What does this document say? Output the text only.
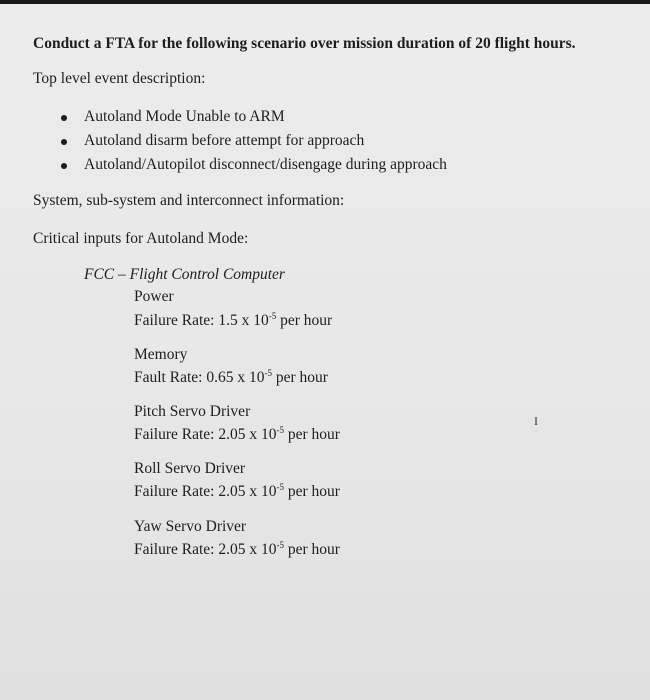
Conduct a FTA for the following scenario over mission duration of 20 flight hours.
Top level event description:
Autoland Mode Unable to ARM
Autoland disarm before attempt for approach
Autoland/Autopilot disconnect/disengage during approach
System, sub-system and interconnect information:
Critical inputs for Autoland Mode:
FCC – Flight Control Computer
Power
Failure Rate: 1.5 x $10^{-5}$ per hour
Memory
Fault Rate: 0.65 x $10^{-5}$ per hour
Pitch Servo Driver
Failure Rate: 2.05 x $10^{-5}$ per hour
Roll Servo Driver
Failure Rate: 2.05 x $10^{-5}$ per hour
Yaw Servo Driver
Failure Rate: 2.05 x $10^{-5}$ per hour
I
